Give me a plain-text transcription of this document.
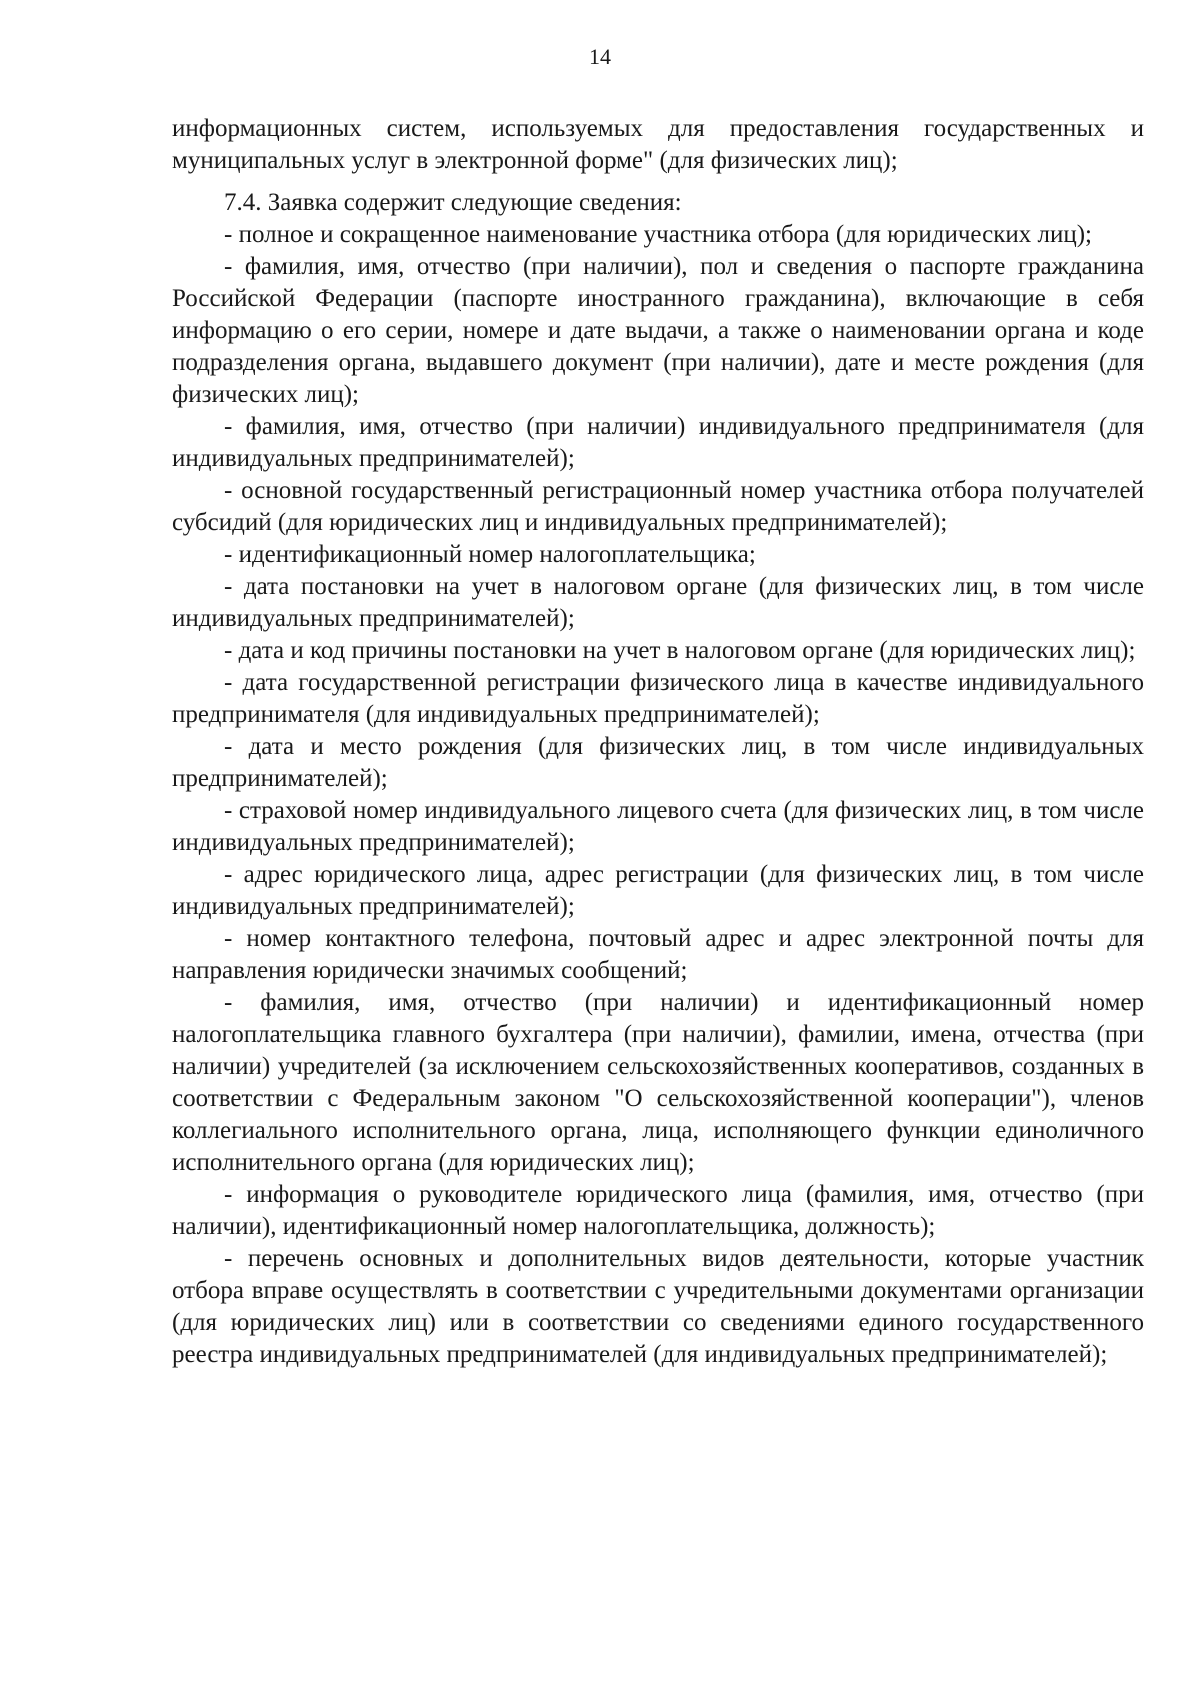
14

информационных систем, используемых для предоставления государственных и муниципальных услуг в электронной форме" (для физических лиц);

7.4. Заявка содержит следующие сведения:

- полное и сокращенное наименование участника отбора (для юридических лиц);

- фамилия, имя, отчество (при наличии), пол и сведения о паспорте гражданина Российской Федерации (паспорте иностранного гражданина), включающие в себя информацию о его серии, номере и дате выдачи, а также о наименовании органа и коде подразделения органа, выдавшего документ (при наличии), дате и месте рождения (для физических лиц);

- фамилия, имя, отчество (при наличии) индивидуального предпринимателя (для индивидуальных предпринимателей);

- основной государственный регистрационный номер участника отбора получателей субсидий (для юридических лиц и индивидуальных предпринимателей);

- идентификационный номер налогоплательщика;

- дата постановки на учет в налоговом органе (для физических лиц, в том числе индивидуальных предпринимателей);

- дата и код причины постановки на учет в налоговом органе (для юридических лиц);

- дата государственной регистрации физического лица в качестве индивидуального предпринимателя (для индивидуальных предпринимателей);

- дата и место рождения (для физических лиц, в том числе индивидуальных предпринимателей);

- страховой номер индивидуального лицевого счета (для физических лиц, в том числе индивидуальных предпринимателей);

- адрес юридического лица, адрес регистрации (для физических лиц, в том числе индивидуальных предпринимателей);

- номер контактного телефона, почтовый адрес и адрес электронной почты для направления юридически значимых сообщений;

- фамилия, имя, отчество (при наличии) и идентификационный номер налогоплательщика главного бухгалтера (при наличии), фамилии, имена, отчества (при наличии) учредителей (за исключением сельскохозяйственных кооперативов, созданных в соответствии с Федеральным законом "О сельскохозяйственной кооперации"), членов коллегиального исполнительного органа, лица, исполняющего функции единоличного исполнительного органа (для юридических лиц);

- информация о руководителе юридического лица (фамилия, имя, отчество (при наличии), идентификационный номер налогоплательщика, должность);

- перечень основных и дополнительных видов деятельности, которые участник отбора вправе осуществлять в соответствии с учредительными документами организации (для юридических лиц) или в соответствии со сведениями единого государственного реестра индивидуальных предпринимателей (для индивидуальных предпринимателей);
